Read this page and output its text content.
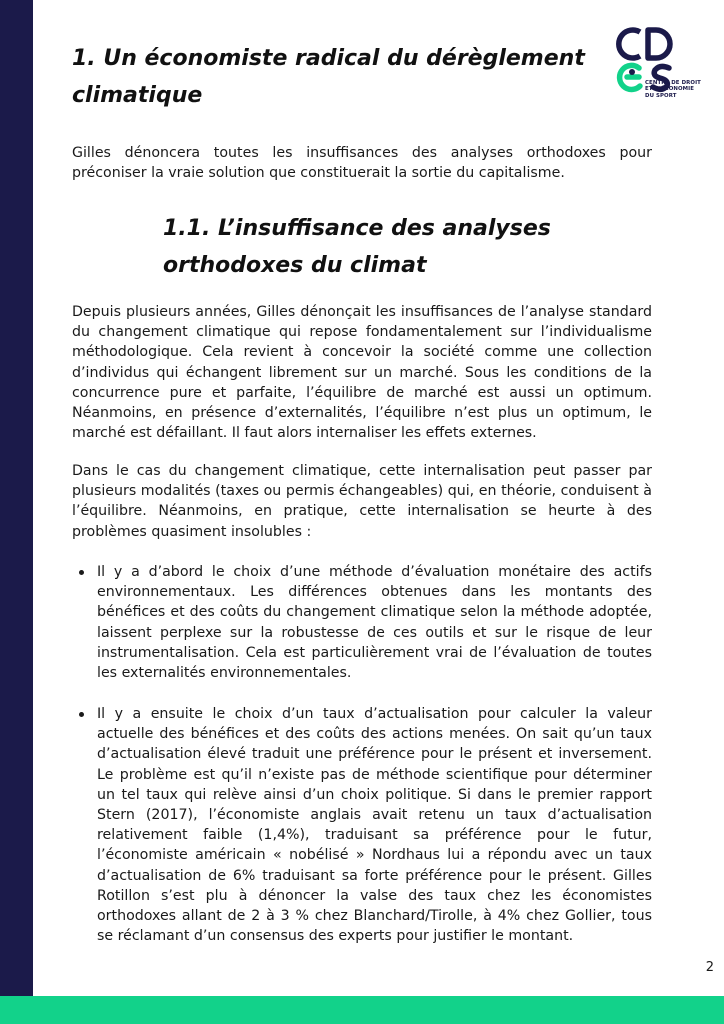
1. Un économiste radical du dérèglement climatique	CENTRE DE DROIT
ET D'ÉCONOMIE
DU SPORT

Gilles dénoncera toutes les insuffisances des analyses orthodoxes pour préconiser la vraie solution que constituerait la sortie du capitalisme.

1.1. L’insuffisance des analyses orthodoxes du climat

Depuis plusieurs années, Gilles dénonçait les insuffisances de l’analyse standard du changement climatique qui repose fondamentalement sur l’individualisme méthodologique. Cela revient à concevoir la société comme une collection d’individus qui échangent librement sur un marché. Sous les conditions de la concurrence pure et parfaite, l’équilibre de marché est aussi un optimum. Néanmoins, en présence d’externalités, l’équilibre n’est plus un optimum, le marché est défaillant. Il faut alors internaliser les effets externes.

Dans le cas du changement climatique, cette internalisation peut passer par plusieurs modalités (taxes ou permis échangeables) qui, en théorie, conduisent à l’équilibre. Néanmoins, en pratique, cette internalisation se heurte à des problèmes quasiment insolubles :

Il y a d’abord le choix d’une méthode d’évaluation monétaire des actifs environnementaux. Les différences obtenues dans les montants des bénéfices et des coûts du changement climatique selon la méthode adoptée, laissent perplexe sur la robustesse de ces outils et sur le risque de leur instrumentalisation. Cela est particulièrement vrai de l’évaluation de toutes les externalités environnementales.
Il y a ensuite le choix d’un taux d’actualisation pour calculer la valeur actuelle des bénéfices et des coûts des actions menées. On sait qu’un taux d’actualisation élevé traduit une préférence pour le présent et inversement. Le problème est qu’il n’existe pas de méthode scientifique pour déterminer un tel taux qui relève ainsi d’un choix politique. Si dans le premier rapport Stern (2017), l’économiste anglais avait retenu un taux d’actualisation relativement faible (1,4%), traduisant sa préférence pour le futur, l’économiste américain « nobélisé » Nordhaus lui a répondu avec un taux d’actualisation de 6% traduisant sa forte préférence pour le présent. Gilles Rotillon s’est plu à dénoncer la valse des taux chez les économistes orthodoxes allant de 2 à 3 % chez Blanchard/Tirolle, à 4% chez Gollier, tous se réclamant d’un consensus des experts pour justifier le montant.
2
